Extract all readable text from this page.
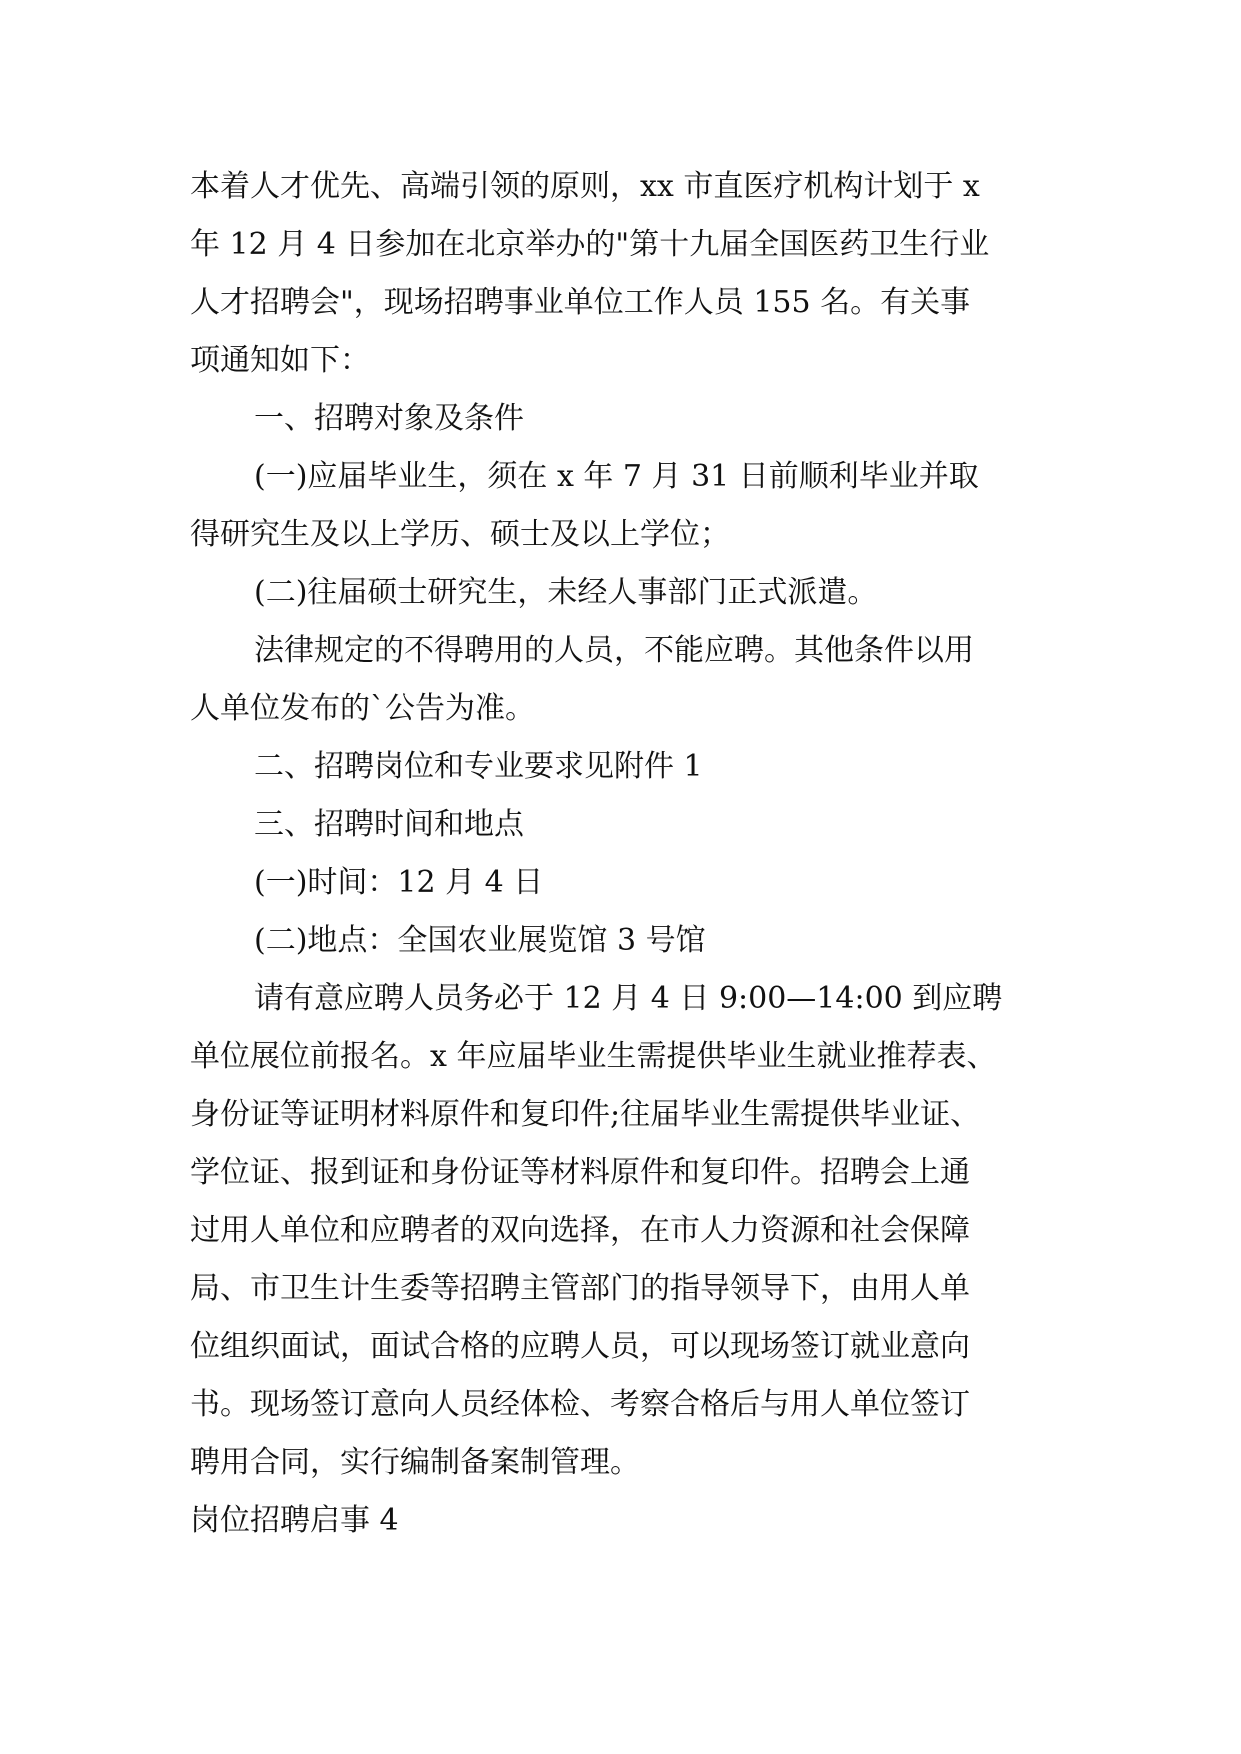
本着人才优先、高端引领的原则，xx 市直医疗机构计划于 x
年 12 月 4 日参加在北京举办的"第十九届全国医药卫生行业
人才招聘会"，现场招聘事业单位工作人员 155 名。有关事
项通知如下：
一、招聘对象及条件
(一)应届毕业生，须在 x 年 7 月 31 日前顺利毕业并取
得研究生及以上学历、硕士及以上学位；
(二)往届硕士研究生，未经人事部门正式派遣。
法律规定的不得聘用的人员，不能应聘。其他条件以用
人单位发布的`公告为准。
二、招聘岗位和专业要求见附件 1
三、招聘时间和地点
(一)时间：12 月 4 日
(二)地点：全国农业展览馆 3 号馆
请有意应聘人员务必于 12 月 4 日 9:00—14:00 到应聘
单位展位前报名。x 年应届毕业生需提供毕业生就业推荐表、
身份证等证明材料原件和复印件;往届毕业生需提供毕业证、
学位证、报到证和身份证等材料原件和复印件。招聘会上通
过用人单位和应聘者的双向选择，在市人力资源和社会保障
局、市卫生计生委等招聘主管部门的指导领导下，由用人单
位组织面试，面试合格的应聘人员，可以现场签订就业意向
书。现场签订意向人员经体检、考察合格后与用人单位签订
聘用合同，实行编制备案制管理。
岗位招聘启事 4
